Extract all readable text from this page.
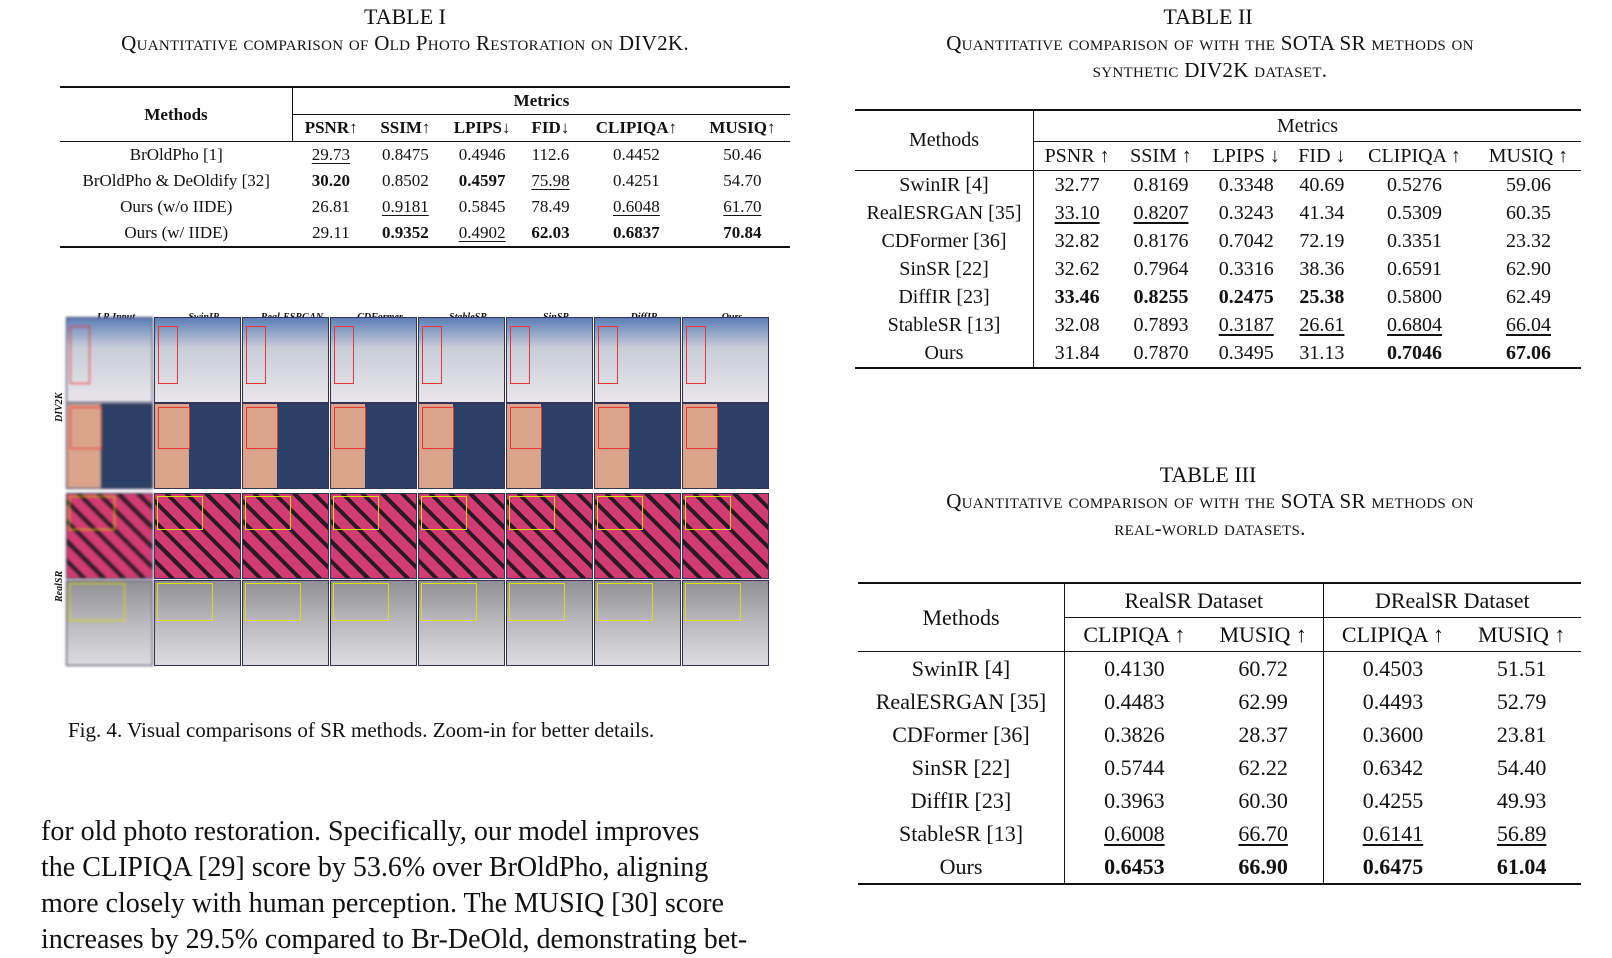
TABLE I
Quantitative comparison of Old Photo Restoration on DIV2K.
Methods	Metrics					
	PSNR↑	SSIM↑	LPIPS↓	FID↓	CLIPIQA↑	MUSIQ↑
BrOldPho [1]	29.73	0.8475	0.4946	112.6	0.4452	50.46
BrOldPho & DeOldify [32]	30.20	0.8502	0.4597	75.98	0.4251	54.70
Ours (w/o IIDE)	26.81	0.9181	0.5845	78.49	0.6048	61.70
Ours (w/ IIDE)	29.11	0.9352	0.4902	62.03	0.6837	70.84
DIV2K
RealSR
Fig. 4. Visual comparisons of SR methods. Zoom-in for better details.
for old photo restoration. Specifically, our model improves
the CLIPIQA [29] score by 53.6% over BrOldPho, aligning
more closely with human perception. The MUSIQ [30] score
increases by 29.5% compared to Br-DeOld, demonstrating bet-
TABLE II
Quantitative comparison of with the SOTA SR methods on
synthetic DIV2K dataset.
Methods	Metrics					
	PSNR ↑	SSIM ↑	LPIPS ↓	FID ↓	CLIPIQA ↑	MUSIQ ↑
SwinIR [4]	32.77	0.8169	0.3348	40.69	0.5276	59.06
RealESRGAN [35]	33.10	0.8207	0.3243	41.34	0.5309	60.35
CDFormer [36]	32.82	0.8176	0.7042	72.19	0.3351	23.32
SinSR [22]	32.62	0.7964	0.3316	38.36	0.6591	62.90
DiffIR [23]	33.46	0.8255	0.2475	25.38	0.5800	62.49
StableSR [13]	32.08	0.7893	0.3187	26.61	0.6804	66.04
Ours	31.84	0.7870	0.3495	31.13	0.7046	67.06
TABLE III
Quantitative comparison of with the SOTA SR methods on
real-world datasets.
Methods	RealSR Dataset		DRealSR Dataset	
	CLIPIQA ↑	MUSIQ ↑	CLIPIQA ↑	MUSIQ ↑
SwinIR [4]	0.4130	60.72	0.4503	51.51
RealESRGAN [35]	0.4483	62.99	0.4493	52.79
CDFormer [36]	0.3826	28.37	0.3600	23.81
SinSR [22]	0.5744	62.22	0.6342	54.40
DiffIR [23]	0.3963	60.30	0.4255	49.93
StableSR [13]	0.6008	66.70	0.6141	56.89
Ours	0.6453	66.90	0.6475	61.04
